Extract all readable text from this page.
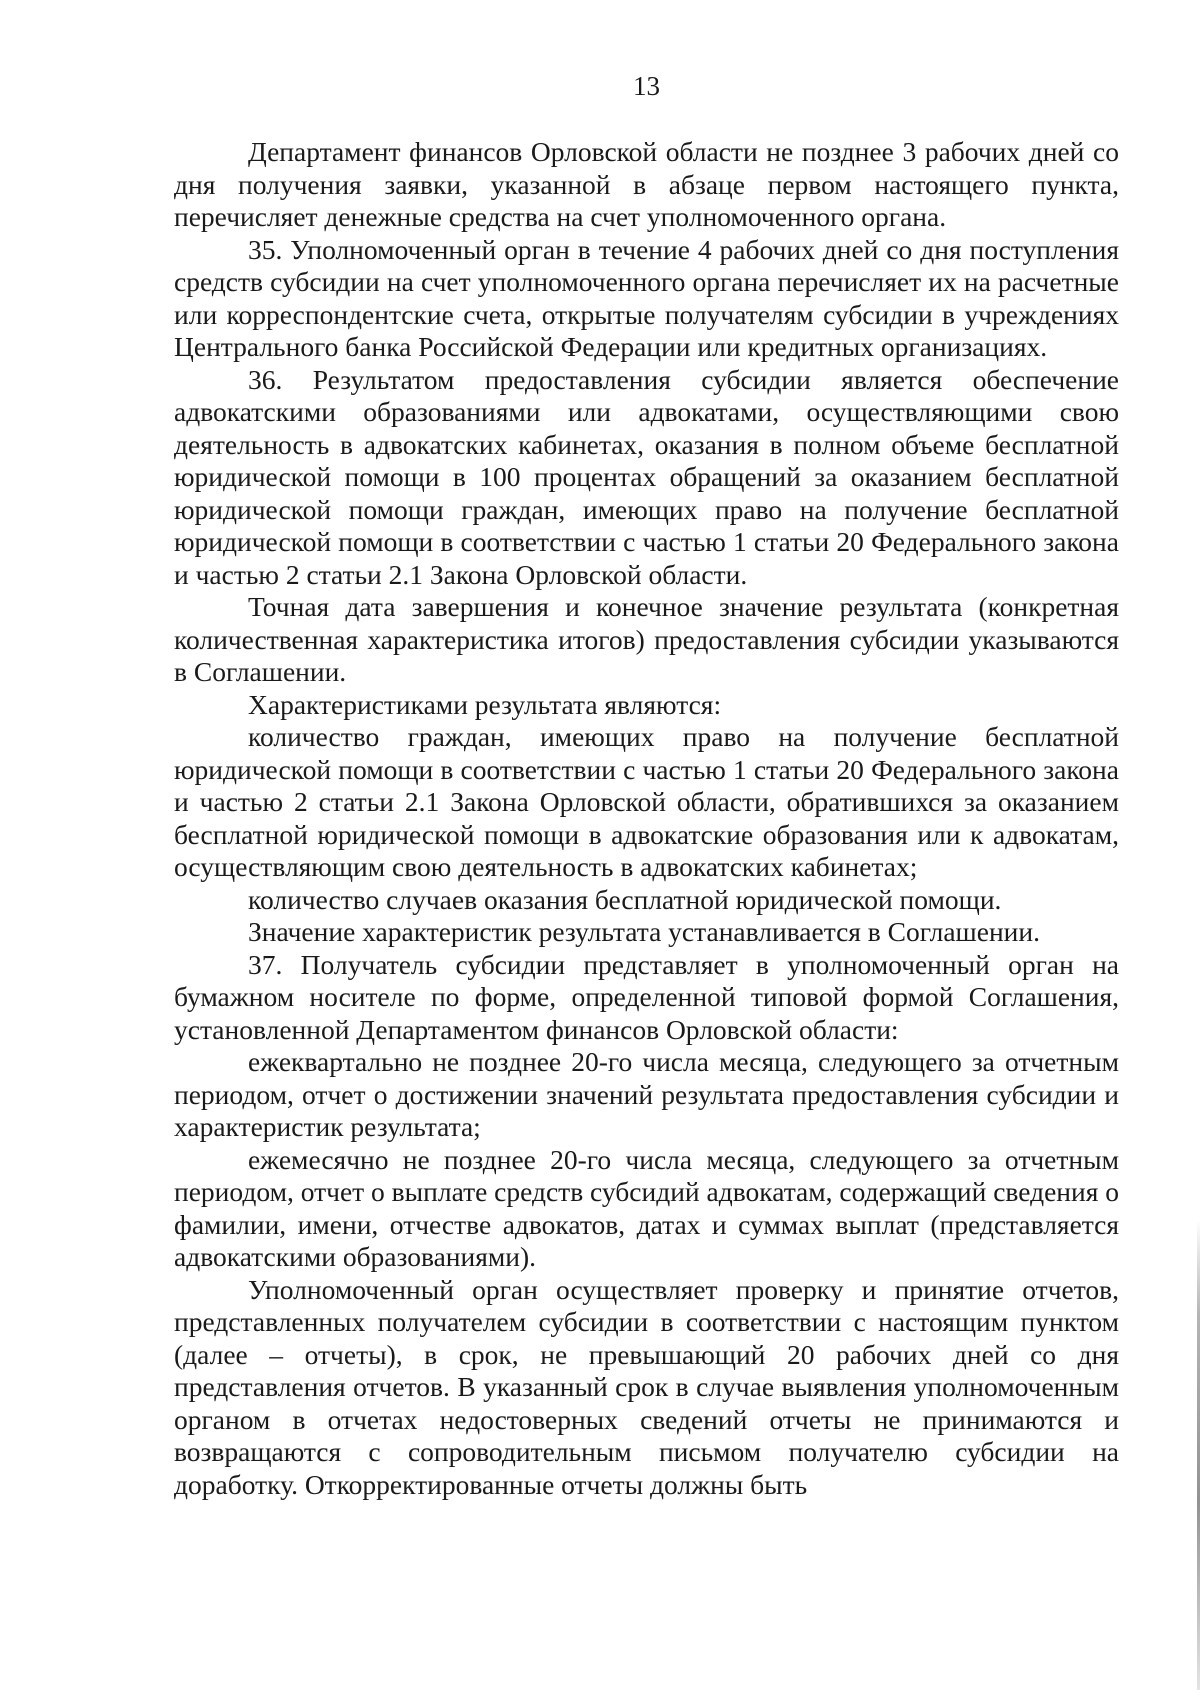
13

Департамент финансов Орловской области не позднее 3 рабочих дней со дня получения заявки, указанной в абзаце первом настоящего пункта, перечисляет денежные средства на счет уполномоченного органа.

35. Уполномоченный орган в течение 4 рабочих дней со дня поступления средств субсидии на счет уполномоченного органа перечисляет их на расчетные или корреспондентские счета, открытые получателям субсидии в учреждениях Центрального банка Российской Федерации или кредитных организациях.

36. Результатом предоставления субсидии является обеспечение адвокатскими образованиями или адвокатами, осуществляющими свою деятельность в адвокатских кабинетах, оказания в полном объеме бесплатной юридической помощи в 100 процентах обращений за оказанием бесплатной юридической помощи граждан, имеющих право на получение бесплатной юридической помощи в соответствии с частью 1 статьи 20 Федерального закона и частью 2 статьи 2.1 Закона Орловской области.

Точная дата завершения и конечное значение результата (конкретная количественная характеристика итогов) предоставления субсидии указываются в Соглашении.

Характеристиками результата являются:

количество граждан, имеющих право на получение бесплатной юридической помощи в соответствии с частью 1 статьи 20 Федерального закона и частью 2 статьи 2.1 Закона Орловской области, обратившихся за оказанием бесплатной юридической помощи в адвокатские образования или к адвокатам, осуществляющим свою деятельность в адвокатских кабинетах;

количество случаев оказания бесплатной юридической помощи.

Значение характеристик результата устанавливается в Соглашении.

37. Получатель субсидии представляет в уполномоченный орган на бумажном носителе по форме, определенной типовой формой Соглашения, установленной Департаментом финансов Орловской области:

ежеквартально не позднее 20-го числа месяца, следующего за отчетным периодом, отчет о достижении значений результата предоставления субсидии и характеристик результата;

ежемесячно не позднее 20-го числа месяца, следующего за отчетным периодом, отчет о выплате средств субсидий адвокатам, содержащий сведения о фамилии, имени, отчестве адвокатов, датах и суммах выплат (представляется адвокатскими образованиями).

Уполномоченный орган осуществляет проверку и принятие отчетов, представленных получателем субсидии в соответствии с настоящим пунктом (далее – отчеты), в срок, не превышающий 20 рабочих дней со дня представления отчетов. В указанный срок в случае выявления уполномоченным органом в отчетах недостоверных сведений отчеты не принимаются и возвращаются с сопроводительным письмом получателю субсидии на доработку. Откорректированные отчеты должны быть
